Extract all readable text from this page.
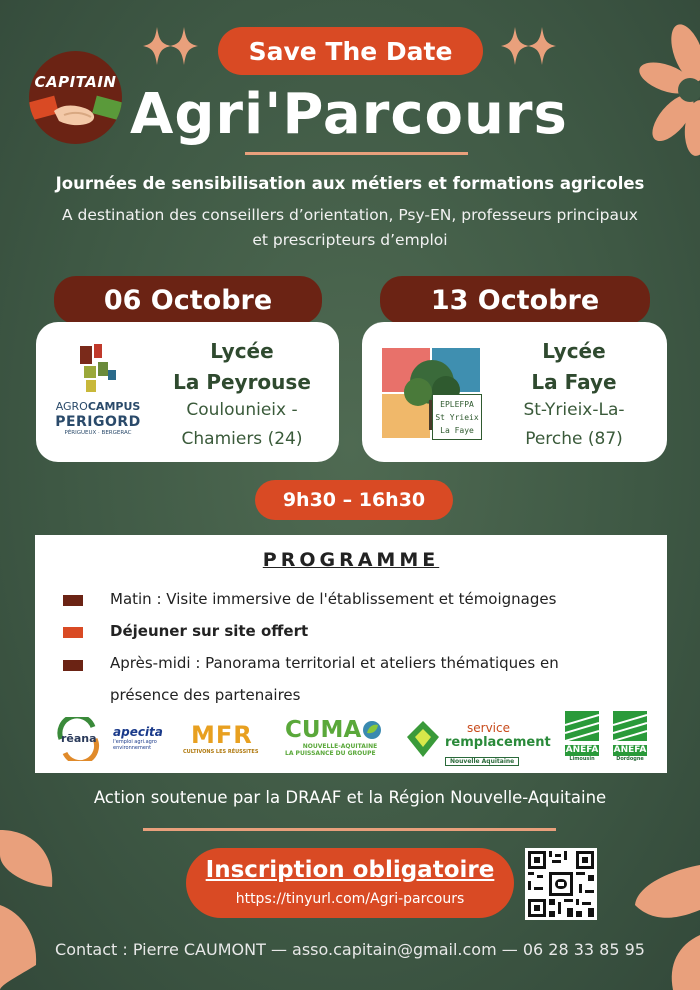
Save The Date
CAPITAIN Agri'Parcours
Journées de sensibilisation aux métiers et formations agricoles
A destination des conseillers d’orientation, Psy-EN, professeurs principaux
et prescripteurs d’emploi
06 Octobre
AGROCAMPUS
PERIGORD
PÉRIGUEUX · BERGERAC
Lycée
La Peyrouse
Coulounieix -
Chamiers (24)
13 Octobre
EPLEFPA
St Yrieix
La Faye
Lycée
La Faye
St-Yrieix-La-
Perche (87)
9h30 – 16h30
PROGRAMME
Matin : Visite immersive de l'établissement et témoignages
Déjeuner sur site offert
Après-midi : Panorama territorial et ateliers thématiques en
présence des partenaires
rēana apecita
l'emploi agri.agro environnement	MFR
CULTIVONS LES RÉUSSITES
CUMA
NOUVELLE-AQUITAINE
LA PUISSANCE DU GROUPE
service
remplacement
Nouvelle Aquitaine
ANEFA
Limousin
ANEFA
Dordogne
Action soutenue par la DRAAF et la Région Nouvelle-Aquitaine
Inscription obligatoire
https://tinyurl.com/Agri-parcours
Contact : Pierre CAUMONT — asso.capitain@gmail.com — 06 28 33 85 95
